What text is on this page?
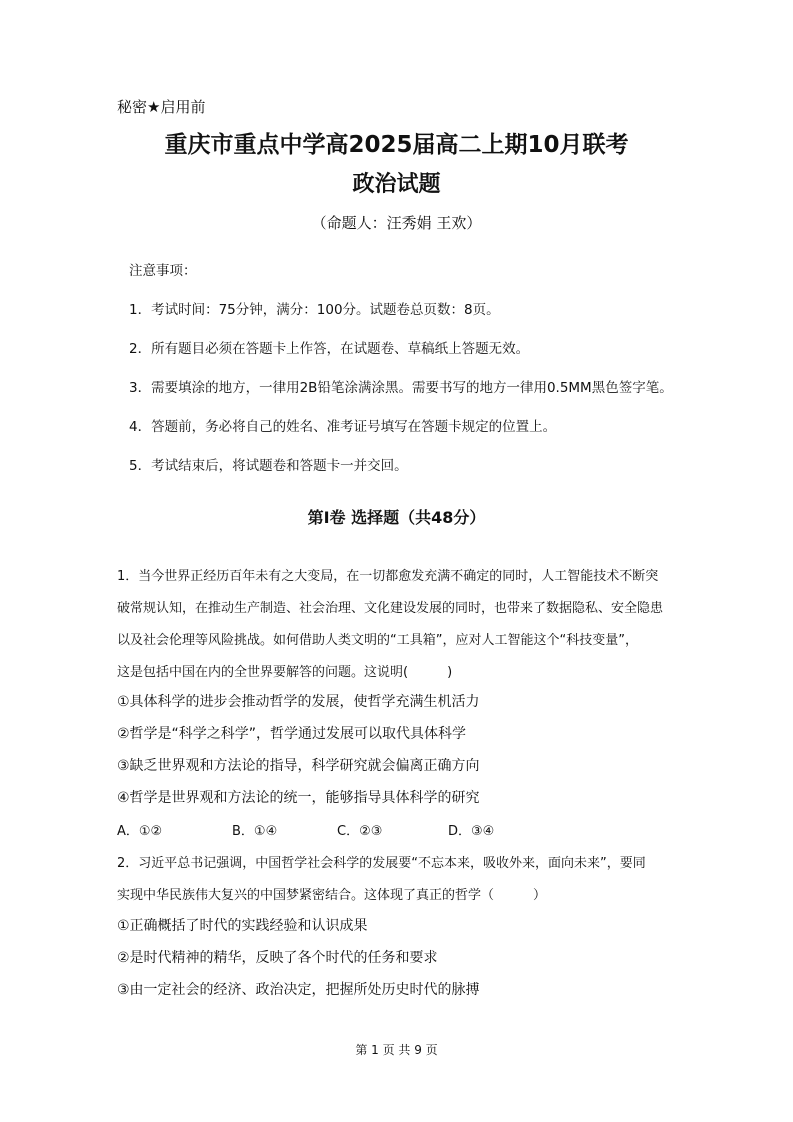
秘密★启用前
重庆市重点中学高2025届高二上期10月联考
政治试题
（命题人：汪秀娟 王欢）
注意事项：
1．考试时间：75分钟，满分：100分。试题卷总页数：8页。
2．所有题目必须在答题卡上作答，在试题卷、草稿纸上答题无效。
3．需要填涂的地方，一律用2B铅笔涂满涂黑。需要书写的地方一律用0.5MM黑色签字笔。
4．答题前，务必将自己的姓名、准考证号填写在答题卡规定的位置上。
5．考试结束后，将试题卷和答题卡一并交回。
第Ⅰ卷 选择题（共48分）
1．当今世界正经历百年未有之大变局，在一切都愈发充满不确定的同时，人工智能技术不断突
破常规认知，在推动生产制造、社会治理、文化建设发展的同时，也带来了数据隐私、安全隐患
以及社会伦理等风险挑战。如何借助人类文明的“工具箱”，应对人工智能这个“科技变量”，
这是包括中国在内的全世界要解答的问题。这说明(　　　)
①具体科学的进步会推动哲学的发展，使哲学充满生机活力
②哲学是“科学之科学”，哲学通过发展可以取代具体科学
③缺乏世界观和方法论的指导，科学研究就会偏离正确方向
④哲学是世界观和方法论的统一，能够指导具体科学的研究
A．①②	B．①④	C．②③	D．③④
2．习近平总书记强调，中国哲学社会科学的发展要“不忘本来，吸收外来，面向未来”，要同
实现中华民族伟大复兴的中国梦紧密结合。这体现了真正的哲学（　　　）
①正确概括了时代的实践经验和认识成果
②是时代精神的精华，反映了各个时代的任务和要求
③由一定社会的经济、政治决定，把握所处历史时代的脉搏
第 1 页 共 9 页
